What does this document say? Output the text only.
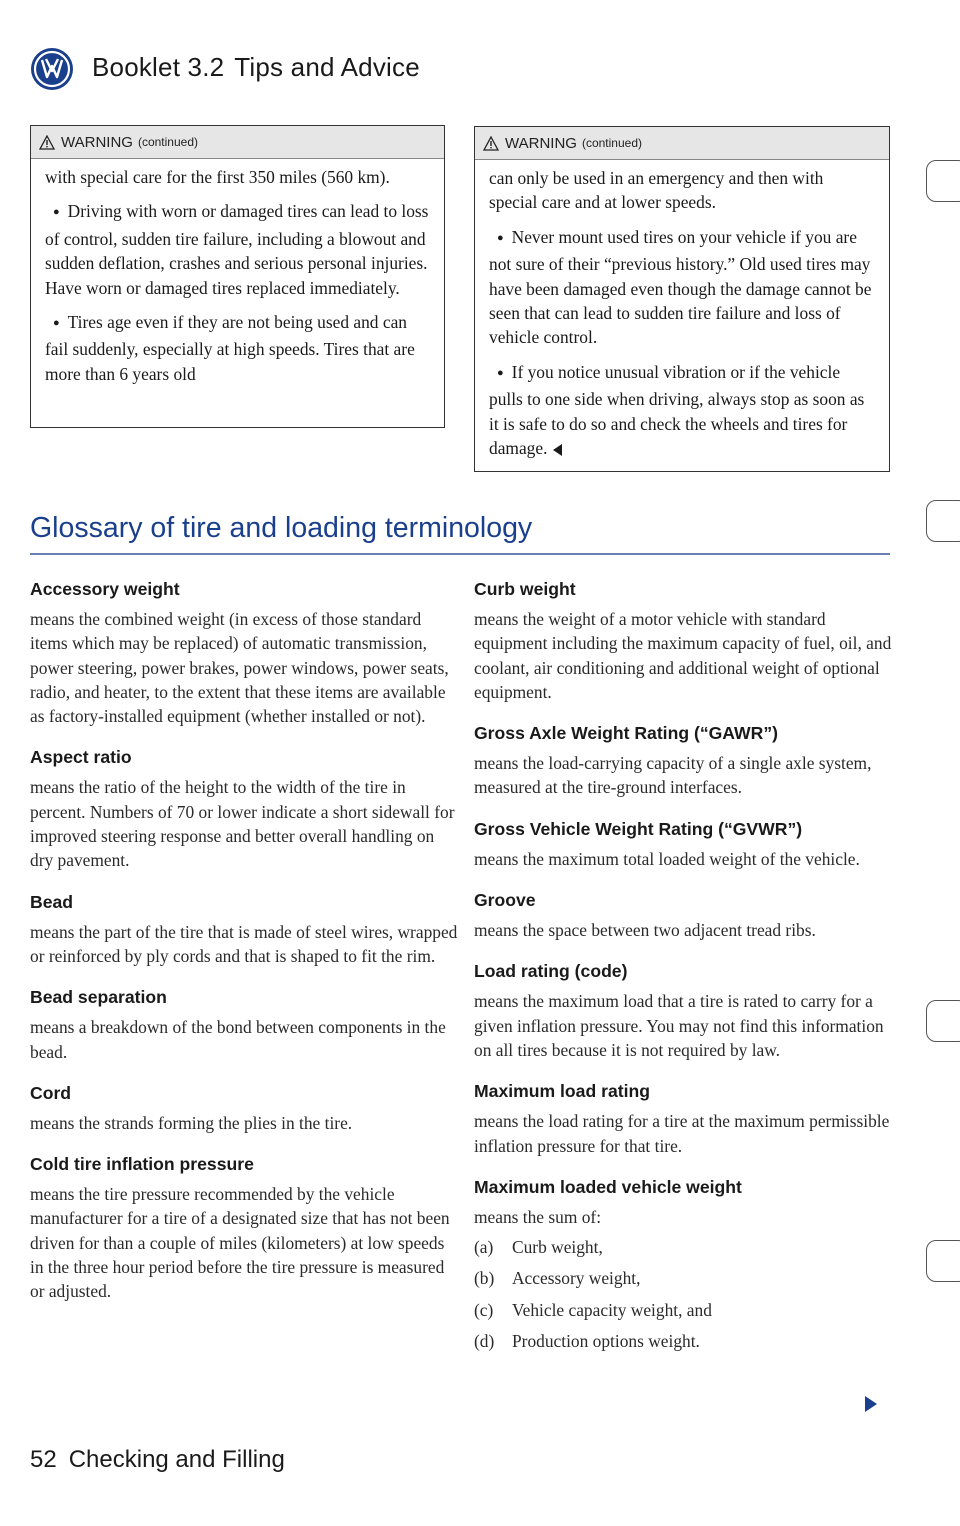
Booklet 3.2 Tips and Advice
WARNING (continued)

with special care for the first 350 miles (560 km).

● Driving with worn or damaged tires can lead to loss of control, sudden tire failure, including a blowout and sudden deflation, crashes and serious personal injuries. Have worn or damaged tires replaced immediately.

● Tires age even if they are not being used and can fail suddenly, especially at high speeds. Tires that are more than 6 years old

WARNING (continued)

can only be used in an emergency and then with special care and at lower speeds.

● Never mount used tires on your vehicle if you are not sure of their “previous history.” Old used tires may have been damaged even though the damage cannot be seen that can lead to sudden tire failure and loss of vehicle control.

● If you notice unusual vibration or if the vehicle pulls to one side when driving, always stop as soon as it is safe to do so and check the wheels and tires for damage.

Glossary of tire and loading terminology
Accessory weight
means the combined weight (in excess of those standard items which may be replaced) of automatic transmission, power steering, power brakes, power windows, power seats, radio, and heater, to the extent that these items are available as factory-installed equipment (whether installed or not).
Aspect ratio
means the ratio of the height to the width of the tire in percent. Numbers of 70 or lower indicate a short sidewall for improved steering response and better overall handling on dry pavement.
Bead
means the part of the tire that is made of steel wires, wrapped or reinforced by ply cords and that is shaped to fit the rim.
Bead separation
means a breakdown of the bond between components in the bead.
Cord
means the strands forming the plies in the tire.
Cold tire inflation pressure
means the tire pressure recommended by the vehicle manufacturer for a tire of a designated size that has not been driven for than a couple of miles (kilometers) at low speeds in the three hour period before the tire pressure is measured or adjusted.
Curb weight
means the weight of a motor vehicle with standard equipment including the maximum capacity of fuel, oil, and coolant, air conditioning and additional weight of optional equipment.
Gross Axle Weight Rating (“GAWR”)
means the load-carrying capacity of a single axle system, measured at the tire-ground interfaces.
Gross Vehicle Weight Rating (“GVWR”)
means the maximum total loaded weight of the vehicle.
Groove
means the space between two adjacent tread ribs.
Load rating (code)
means the maximum load that a tire is rated to carry for a given inflation pressure. You may not find this information on all tires because it is not required by law.
Maximum load rating
means the load rating for a tire at the maximum permissible inflation pressure for that tire.
Maximum loaded vehicle weight
means the sum of:
(a) Curb weight,
(b) Accessory weight,
(c) Vehicle capacity weight, and
(d) Production options weight.
52 Checking and Filling
